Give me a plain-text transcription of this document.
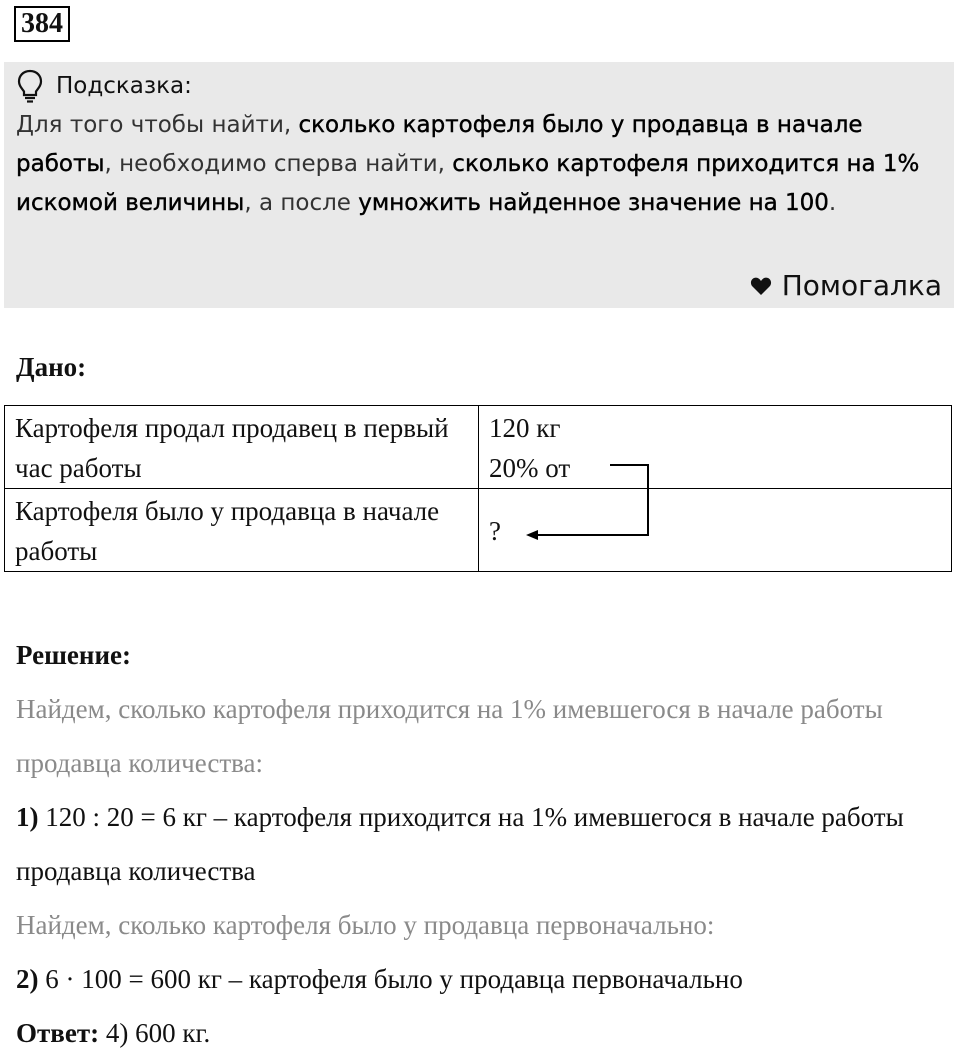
384
Подсказка:

Для того чтобы найти, сколько картофеля было у продавца в начале работы, необходимо сперва найти, сколько картофеля приходится на 1% искомой величины, а после умножить найденное значение на 100.

Помогалка
Дано:
Картофеля продал продавец в первый час работы	120 кг
20% от

Картофеля было у продавца в начале работы	?

Решение:

Найдем, сколько картофеля приходится на 1% имевшегося в начале работы продавца количества:

1) 120 : 20 = 6 кг – картофеля приходится на 1% имевшегося в начале работы продавца количества

Найдем, сколько картофеля было у продавца первоначально:

2) 6 · 100 = 600 кг – картофеля было у продавца первоначально

Ответ: 4) 600 кг.
